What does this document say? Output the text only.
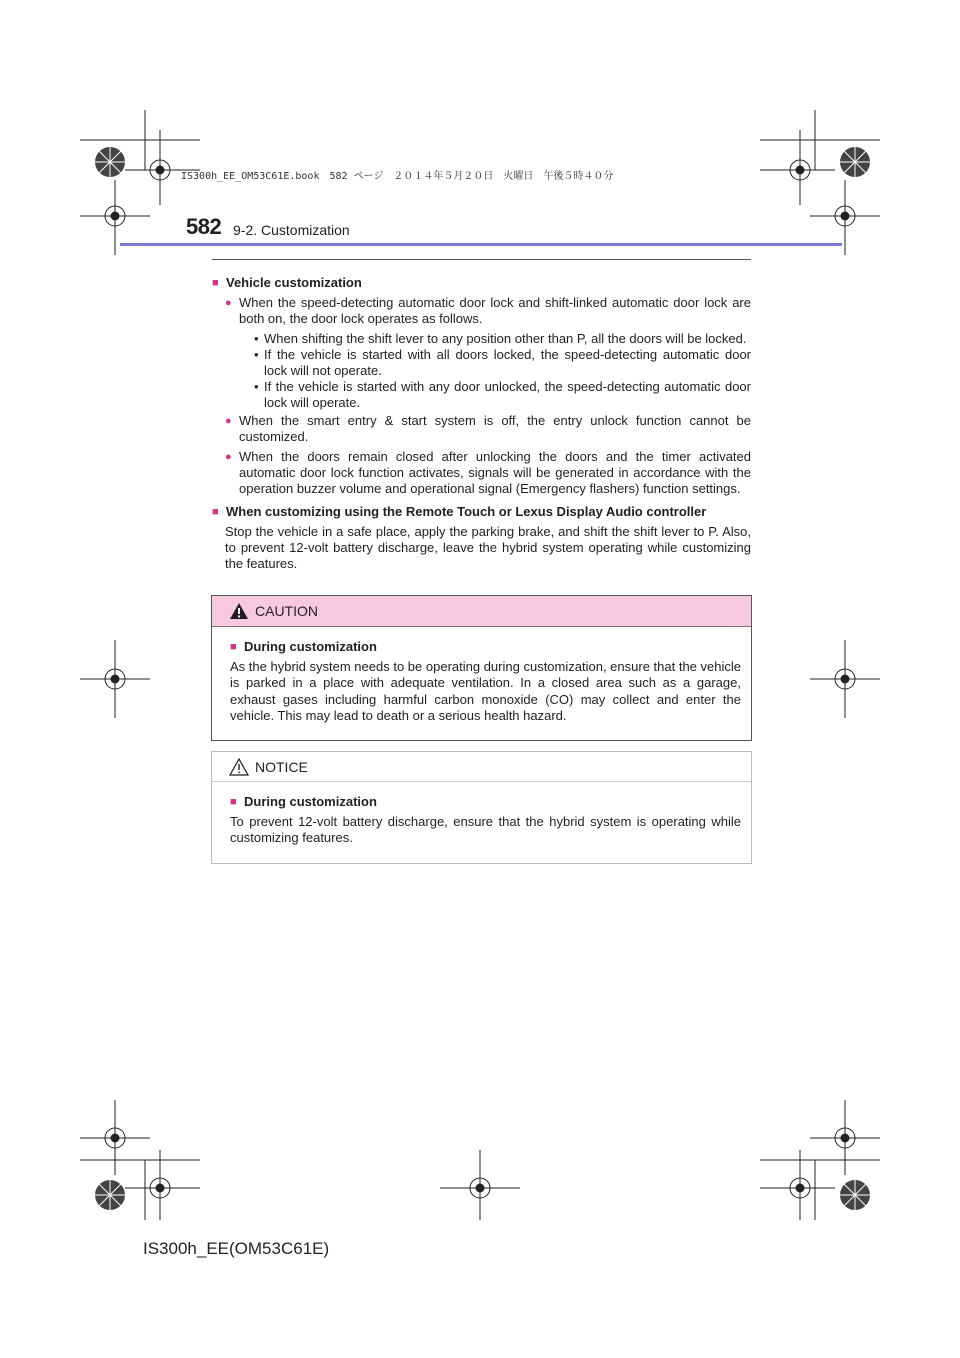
IS300h_EE_OM53C61E.book　582 ページ　２０１４年５月２０日　火曜日　午後５時４０分
582 9-2. Customization
■ Vehicle customization
● When the speed-detecting automatic door lock and shift-linked automatic door lock are both on, the door lock operates as follows.
• When shifting the shift lever to any position other than P, all the doors will be locked.
• If the vehicle is started with all doors locked, the speed-detecting automatic door lock will not operate.
• If the vehicle is started with any door unlocked, the speed-detecting automatic door lock will operate.
● When the smart entry & start system is off, the entry unlock function cannot be customized.
● When the doors remain closed after unlocking the doors and the timer activated automatic door lock function activates, signals will be generated in accordance with the operation buzzer volume and operational signal (Emergency flashers) function settings.
■ When customizing using the Remote Touch or Lexus Display Audio controller
Stop the vehicle in a safe place, apply the parking brake, and shift the shift lever to P. Also, to prevent 12-volt battery discharge, leave the hybrid system operating while customizing the features.
CAUTION
■ During customization
As the hybrid system needs to be operating during customization, ensure that the vehicle is parked in a place with adequate ventilation. In a closed area such as a garage, exhaust gases including harmful carbon monoxide (CO) may collect and enter the vehicle. This may lead to death or a serious health hazard.
NOTICE
■ During customization
To prevent 12-volt battery discharge, ensure that the hybrid system is operating while customizing features.
IS300h_EE(OM53C61E)
